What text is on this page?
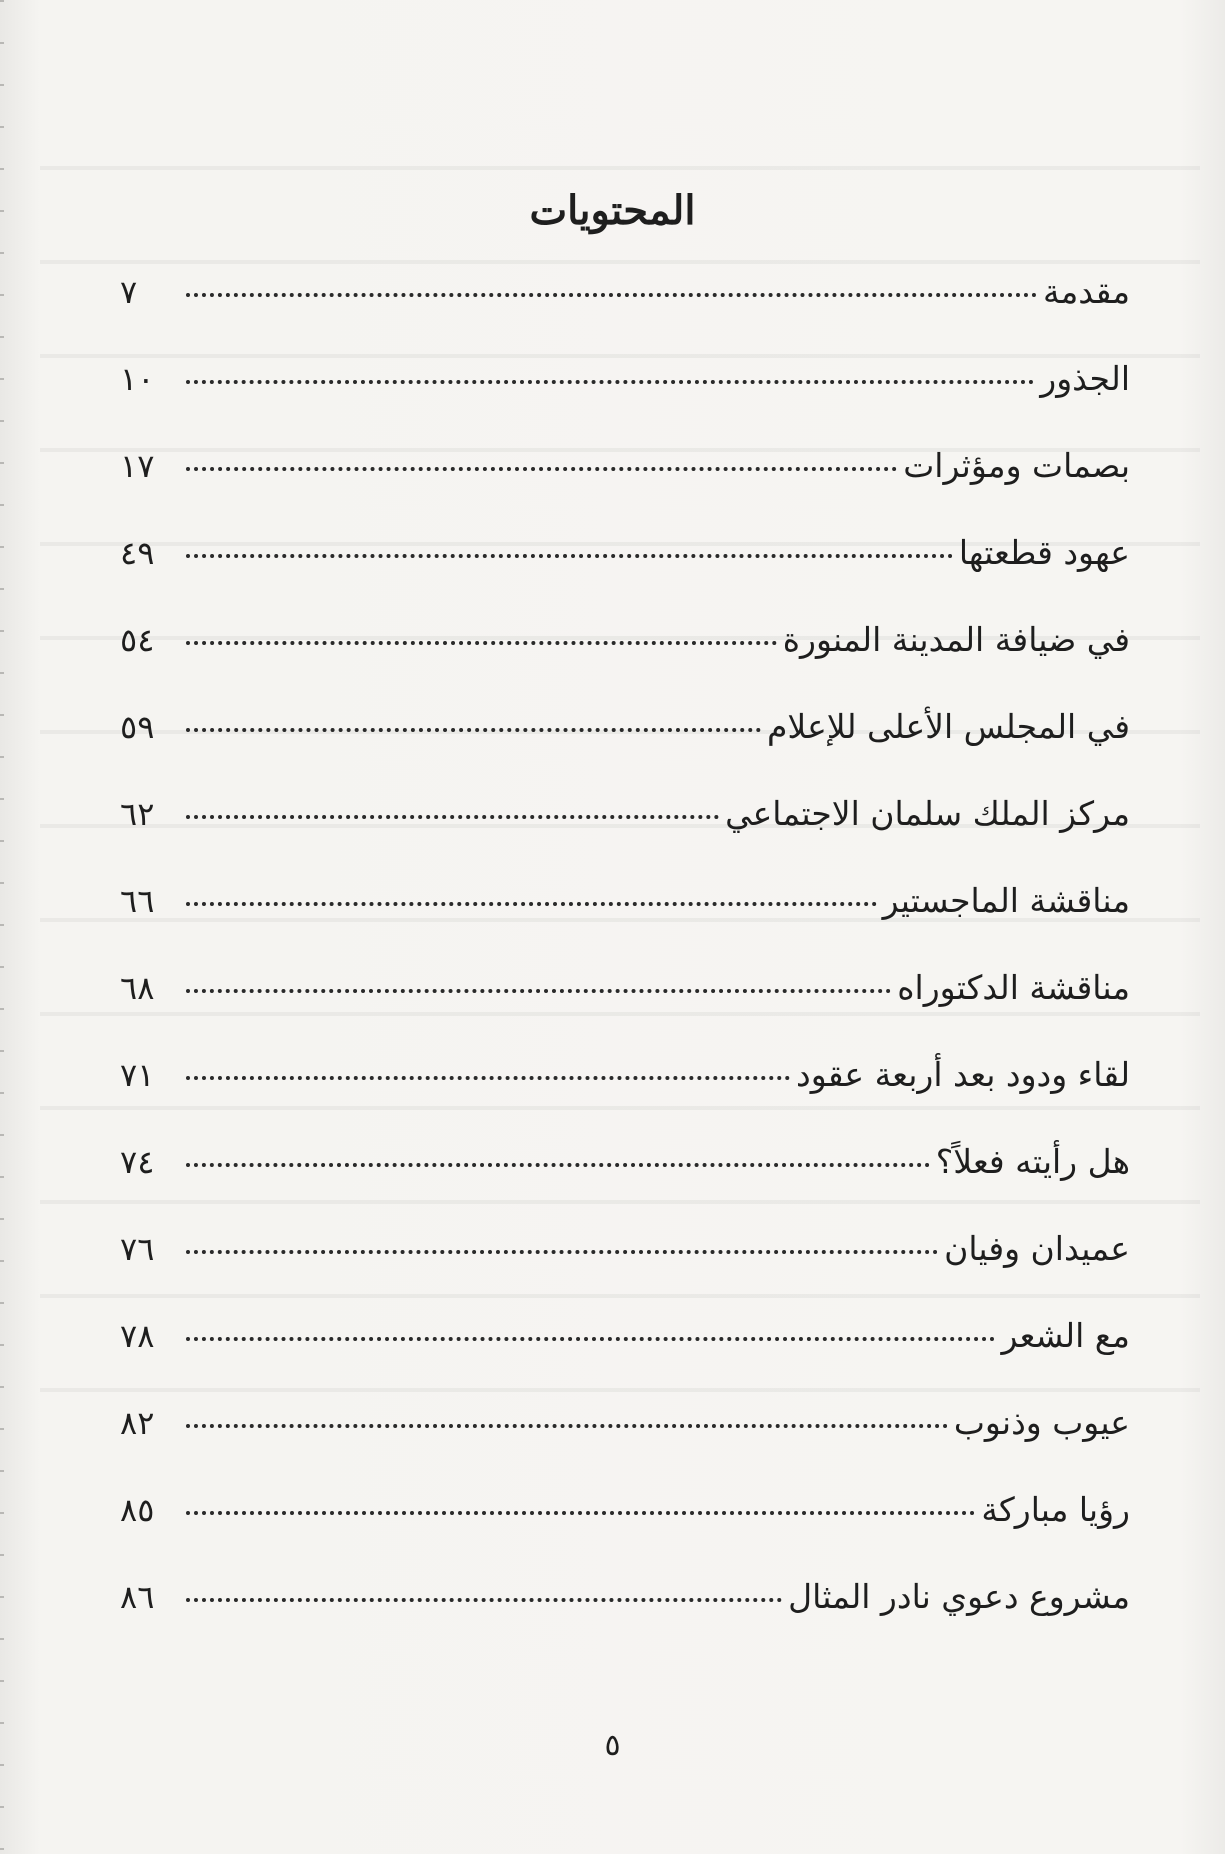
المحتويات
مقدمة
٧
الجذور
١٠
بصمات ومؤثرات
١٧
عهود قطعتها
٤٩
في ضيافة المدينة المنورة
٥٤
في المجلس الأعلى للإعلام
٥٩
مركز الملك سلمان الاجتماعي
٦٢
مناقشة الماجستير
٦٦
مناقشة الدكتوراه
٦٨
لقاء ودود بعد أربعة عقود
٧١
هل رأيته فعلاً؟
٧٤
عميدان وفيان
٧٦
مع الشعر
٧٨
عيوب وذنوب
٨٢
رؤيا مباركة
٨٥
مشروع دعوي نادر المثال
٨٦
٥
